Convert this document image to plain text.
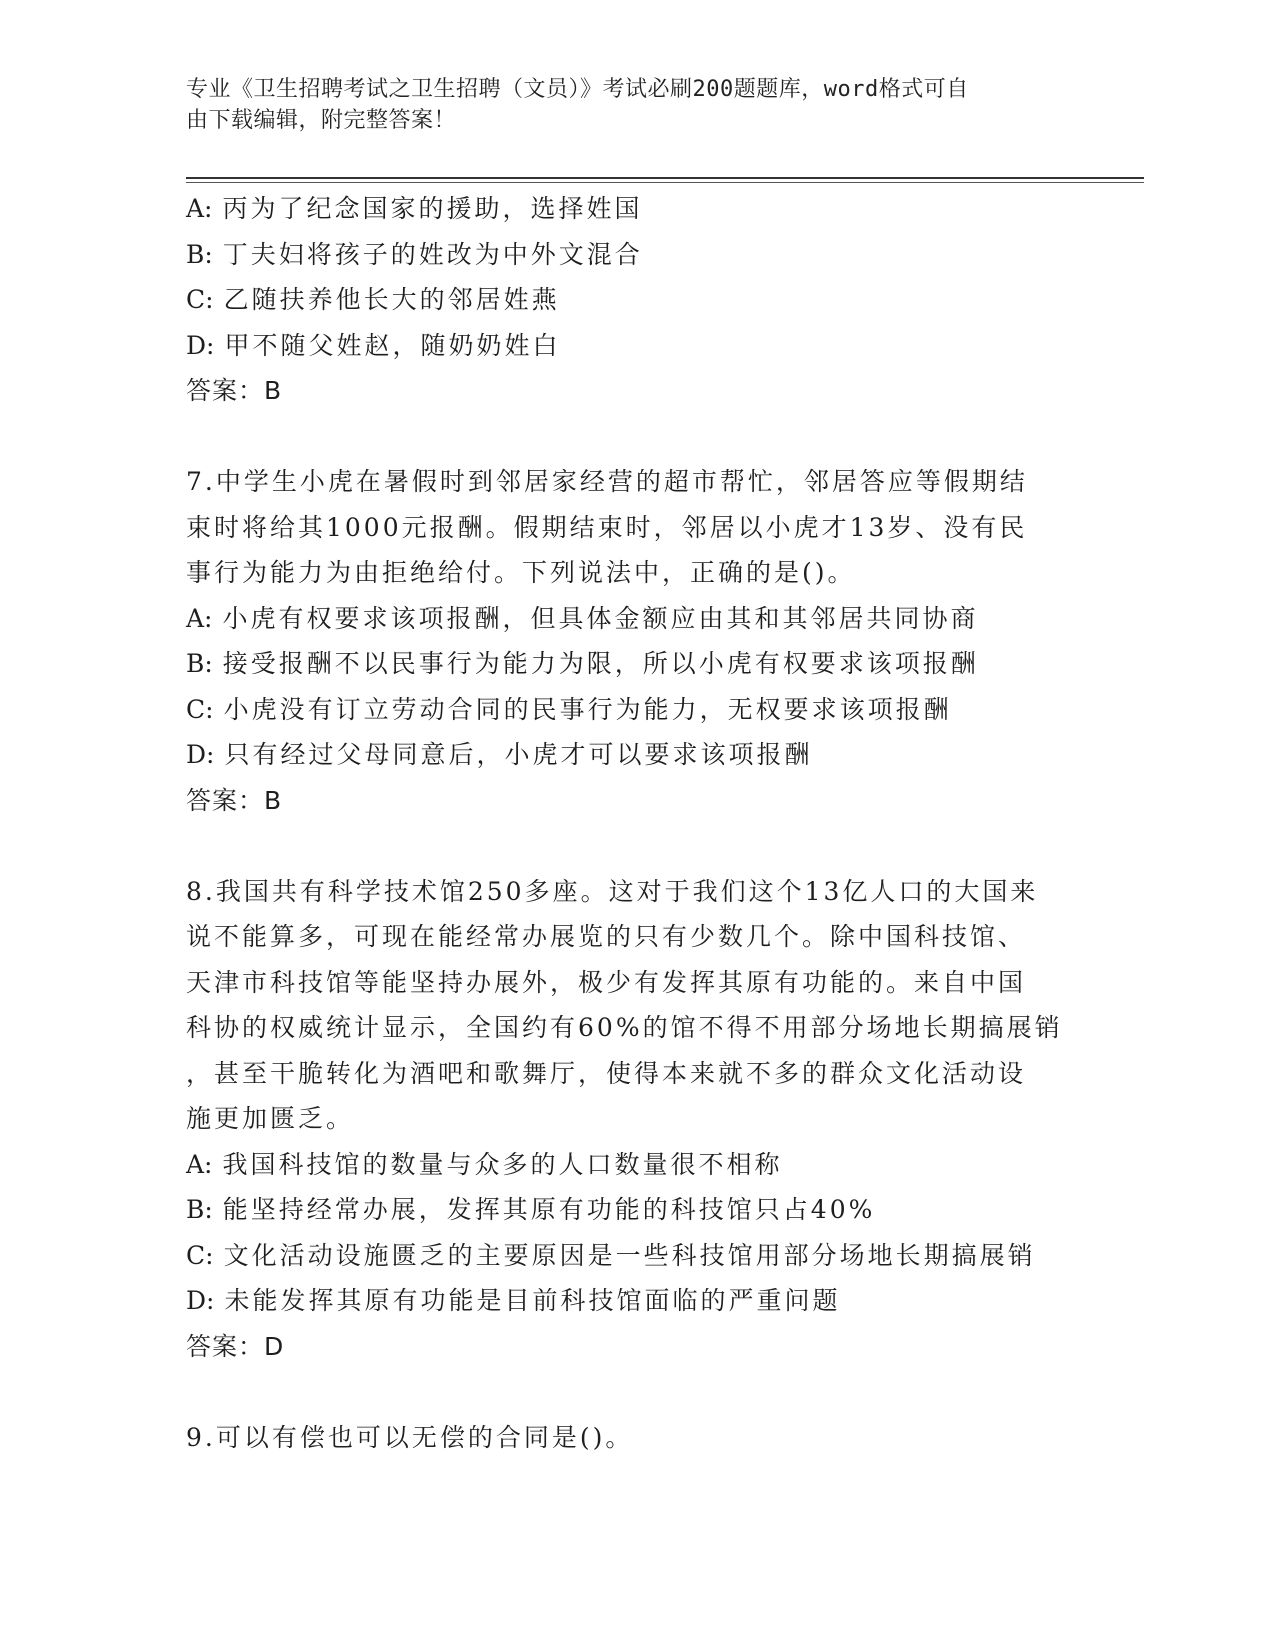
专业《卫生招聘考试之卫生招聘（文员）》考试必刷200题题库，word格式可自
由下载编辑，附完整答案！
A: 丙为了纪念国家的援助，选择姓国
B: 丁夫妇将孩子的姓改为中外文混合
C: 乙随扶养他长大的邻居姓燕
D: 甲不随父姓赵，随奶奶姓白
答案：B
7.中学生小虎在暑假时到邻居家经营的超市帮忙，邻居答应等假期结
束时将给其1000元报酬。假期结束时，邻居以小虎才13岁、没有民
事行为能力为由拒绝给付。下列说法中，正确的是()。
A: 小虎有权要求该项报酬，但具体金额应由其和其邻居共同协商
B: 接受报酬不以民事行为能力为限，所以小虎有权要求该项报酬
C: 小虎没有订立劳动合同的民事行为能力，无权要求该项报酬
D: 只有经过父母同意后，小虎才可以要求该项报酬
答案：B
8.我国共有科学技术馆250多座。这对于我们这个13亿人口的大国来
说不能算多，可现在能经常办展览的只有少数几个。除中国科技馆、
天津市科技馆等能坚持办展外，极少有发挥其原有功能的。来自中国
科协的权威统计显示，全国约有60%的馆不得不用部分场地长期搞展销
，甚至干脆转化为酒吧和歌舞厅，使得本来就不多的群众文化活动设
施更加匮乏。
A: 我国科技馆的数量与众多的人口数量很不相称
B: 能坚持经常办展，发挥其原有功能的科技馆只占40%
C: 文化活动设施匮乏的主要原因是一些科技馆用部分场地长期搞展销
D: 未能发挥其原有功能是目前科技馆面临的严重问题
答案：D
9.可以有偿也可以无偿的合同是()。
